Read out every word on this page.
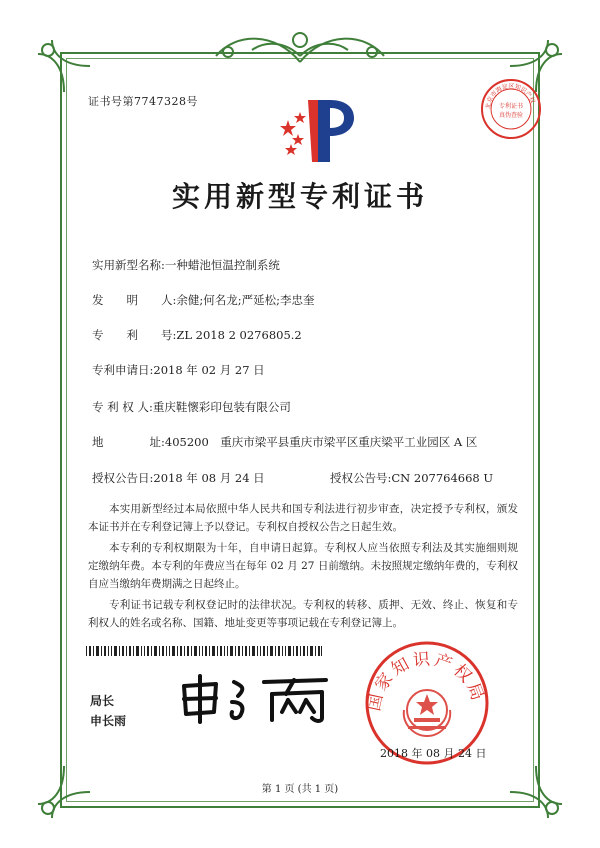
证书号第7747328号	北京市海淀区知识产权
专利证书
真伪查验
实用新型专利证书
实用新型名称:一种蜡池恒温控制系统
发　　明　　人:余健;何名龙;严延松;李忠奎
专　　利　　号:ZL 2018 2 0276805.2
专利申请日:2018 年 02 月 27 日
专 利 权 人:重庆鞋懷彩印包装有限公司
地　　　　址:405200　重庆市梁平县重庆市梁平区重庆梁平工业园区 A 区
授权公告日:2018 年 08 月 24 日	授权公告号:CN 207764668 U

本实用新型经过本局依照中华人民共和国专利法进行初步审查，决定授予专利权，颁发本证书并在专利登记簿上予以登记。专利权自授权公告之日起生效。

本专利的专利权期限为十年，自申请日起算。专利权人应当依照专利法及其实施细则规定缴纳年费。本专利的年费应当在每年 02 月 27 日前缴纳。未按照规定缴纳年费的，专利权自应当缴纳年费期满之日起终止。

专利证书记载专利权登记时的法律状况。专利权的转移、质押、无效、终止、恢复和专利权人的姓名或名称、国籍、地址变更等事项记载在专利登记簿上。

局长
申长雨
国家知识产权局
2018 年 08 月 24 日
第 1 页 (共 1 页)
